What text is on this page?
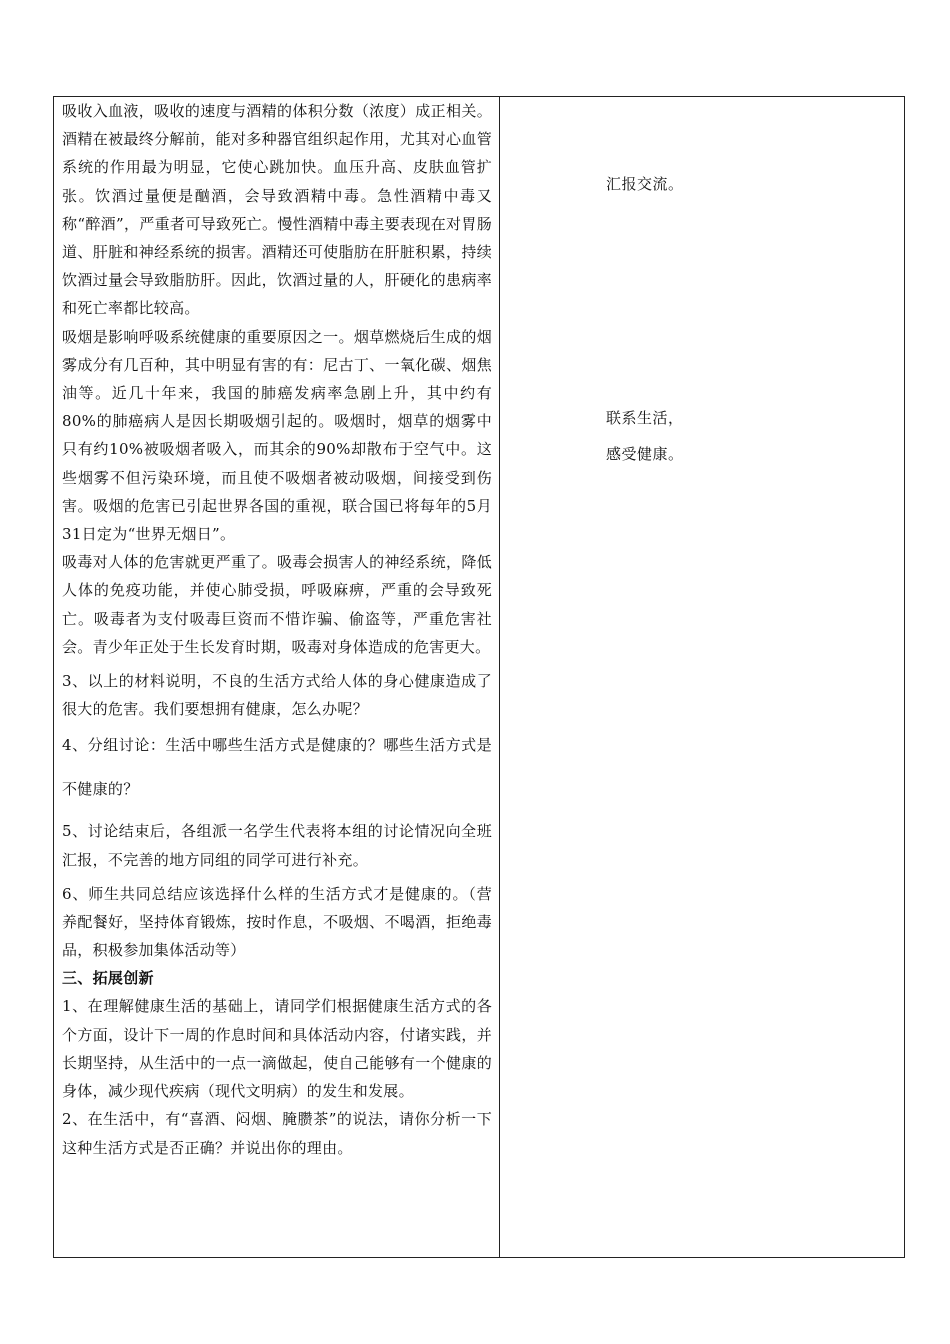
吸收入血液，吸收的速度与酒精的体积分数（浓度）成正相关。酒精在被最终分解前，能对多种器官组织起作用，尤其对心血管系统的作用最为明显，它使心跳加快。血压升高、皮肤血管扩张。饮酒过量便是酗酒，会导致酒精中毒。急性酒精中毒又称“醉酒”，严重者可导致死亡。慢性酒精中毒主要表现在对胃肠道、肝脏和神经系统的损害。酒精还可使脂肪在肝脏积累，持续饮酒过量会导致脂肪肝。因此，饮酒过量的人，肝硬化的患病率和死亡率都比较高。

吸烟是影响呼吸系统健康的重要原因之一。烟草燃烧后生成的烟雾成分有几百种，其中明显有害的有：尼古丁、一氧化碳、烟焦油等。近几十年来，我国的肺癌发病率急剧上升，其中约有80%的肺癌病人是因长期吸烟引起的。吸烟时，烟草的烟雾中只有约10%被吸烟者吸入，而其余的90%却散布于空气中。这些烟雾不但污染环境，而且使不吸烟者被动吸烟，间接受到伤害。吸烟的危害已引起世界各国的重视，联合国已将每年的5月31日定为“世界无烟日”。

吸毒对人体的危害就更严重了。吸毒会损害人的神经系统，降低人体的免疫功能，并使心肺受损，呼吸麻痹，严重的会导致死亡。吸毒者为支付吸毒巨资而不惜诈骗、偷盗等，严重危害社会。青少年正处于生长发育时期，吸毒对身体造成的危害更大。

3、以上的材料说明，不良的生活方式给人体的身心健康造成了很大的危害。我们要想拥有健康，怎么办呢？

4、分组讨论：生活中哪些生活方式是健康的？哪些生活方式是不健康的？

5、讨论结束后，各组派一名学生代表将本组的讨论情况向全班汇报，不完善的地方同组的同学可进行补充。

6、师生共同总结应该选择什么样的生活方式才是健康的。（营养配餐好，坚持体育锻炼，按时作息，不吸烟、不喝酒，拒绝毒品，积极参加集体活动等）

三、拓展创新

1、在理解健康生活的基础上，请同学们根据健康生活方式的各个方面，设计下一周的作息时间和具体活动内容，付诸实践，并长期坚持，从生活中的一点一滴做起，使自己能够有一个健康的身体，减少现代疾病（现代文明病）的发生和发展。

2、在生活中，有“喜酒、闷烟、腌臜茶”的说法，请你分析一下这种生活方式是否正确？并说出你的理由。

汇报交流。
联系生活，
感受健康。
